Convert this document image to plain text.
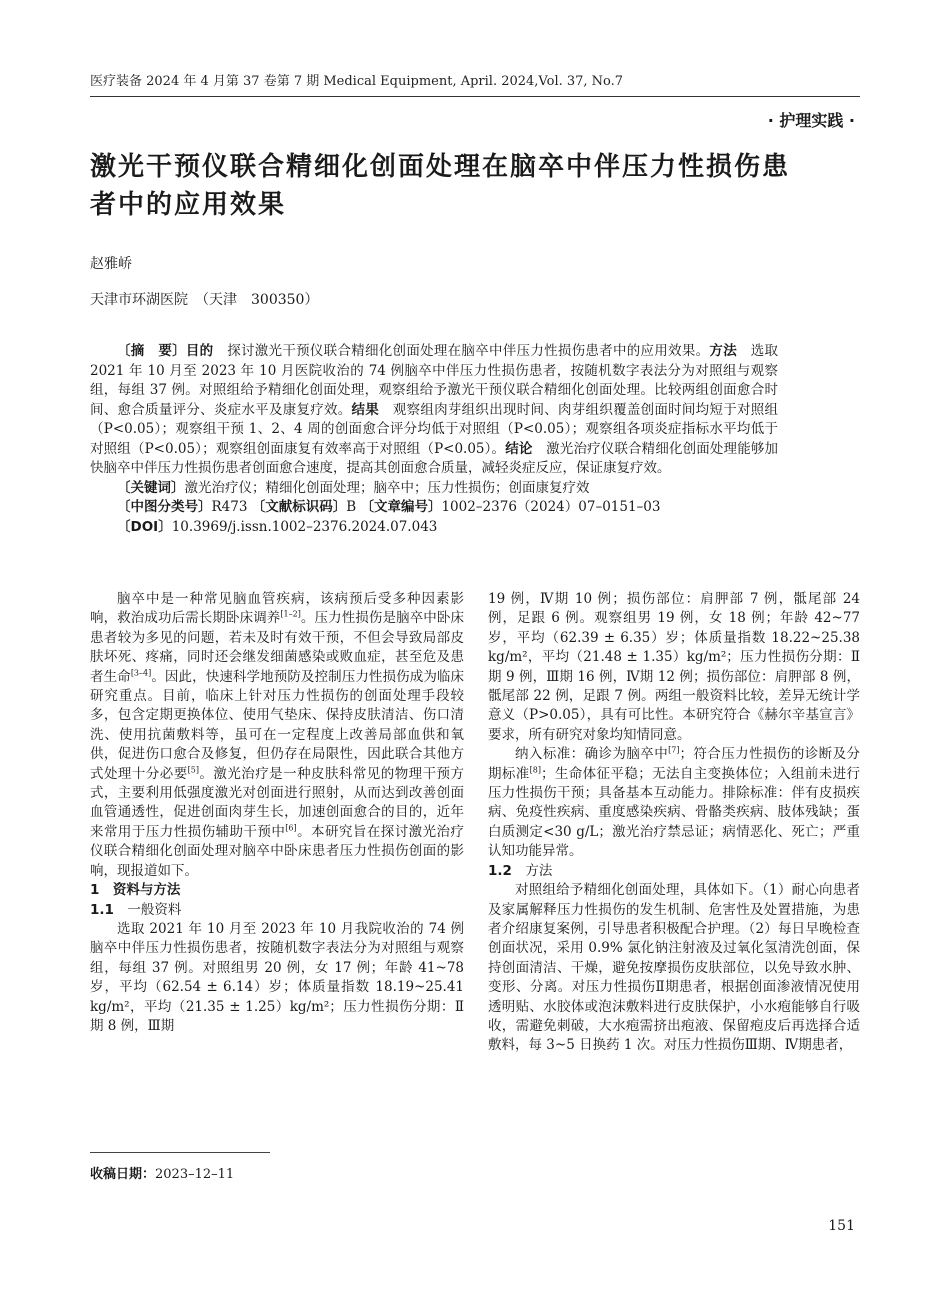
医疗装备 2024 年 4 月第 37 卷第 7 期 Medical Equipment, April. 2024,Vol. 37, No.7
· 护理实践 ·
激光干预仪联合精细化创面处理在脑卒中伴压力性损伤患者中的应用效果
赵雅峤
天津市环湖医院　（天津　300350）

〔摘　要〕目的　探讨激光干预仪联合精细化创面处理在脑卒中伴压力性损伤患者中的应用效果。方法　选取 2021 年 10 月至 2023 年 10 月医院收治的 74 例脑卒中伴压力性损伤患者，按随机数字表法分为对照组与观察组，每组 37 例。对照组给予精细化创面处理，观察组给予激光干预仪联合精细化创面处理。比较两组创面愈合时间、愈合质量评分、炎症水平及康复疗效。结果　观察组肉芽组织出现时间、肉芽组织覆盖创面时间均短于对照组（P<0.05）；观察组干预 1、2、4 周的创面愈合评分均低于对照组（P<0.05）；观察组各项炎症指标水平均低于对照组（P<0.05）；观察组创面康复有效率高于对照组（P<0.05）。结论　激光治疗仪联合精细化创面处理能够加快脑卒中伴压力性损伤患者创面愈合速度，提高其创面愈合质量，减轻炎症反应，保证康复疗效。

〔关键词〕激光治疗仪；精细化创面处理；脑卒中；压力性损伤；创面康复疗效
〔中图分类号〕R473 〔文献标识码〕B 〔文章编号〕1002–2376（2024）07–0151–03
〔DOI〕10.3969/j.issn.1002–2376.2024.07.043

脑卒中是一种常见脑血管疾病，该病预后受多种因素影响，救治成功后需长期卧床调养[1–2]。压力性损伤是脑卒中卧床患者较为多见的问题，若未及时有效干预，不但会导致局部皮肤坏死、疼痛，同时还会继发细菌感染或败血症，甚至危及患者生命[3–4]。因此，快速科学地预防及控制压力性损伤成为临床研究重点。目前，临床上针对压力性损伤的创面处理手段较多，包含定期更换体位、使用气垫床、保持皮肤清洁、伤口清洗、使用抗菌敷料等，虽可在一定程度上改善局部血供和氧供，促进伤口愈合及修复，但仍存在局限性，因此联合其他方式处理十分必要[5]。激光治疗是一种皮肤科常见的物理干预方式，主要利用低强度激光对创面进行照射，从而达到改善创面血管通透性，促进创面肉芽生长，加速创面愈合的目的，近年来常用于压力性损伤辅助干预中[6]。本研究旨在探讨激光治疗仪联合精细化创面处理对脑卒中卧床患者压力性损伤创面的影响，现报道如下。

1　资料与方法

1.1 一般资料

选取 2021 年 10 月至 2023 年 10 月我院收治的 74 例脑卒中伴压力性损伤患者，按随机数字表法分为对照组与观察组，每组 37 例。对照组男 20 例，女 17 例；年龄 41~78 岁，平均（62.54 ± 6.14）岁；体质量指数 18.19~25.41 kg/m²，平均（21.35 ± 1.25）kg/m²；压力性损伤分期：Ⅱ期 8 例，Ⅲ期

19 例，Ⅳ期 10 例；损伤部位：肩胛部 7 例，骶尾部 24 例，足跟 6 例。观察组男 19 例，女 18 例；年龄 42~77 岁，平均（62.39 ± 6.35）岁；体质量指数 18.22~25.38 kg/m²，平均（21.48 ± 1.35）kg/m²；压力性损伤分期：Ⅱ期 9 例，Ⅲ期 16 例，Ⅳ期 12 例；损伤部位：肩胛部 8 例，骶尾部 22 例，足跟 7 例。两组一般资料比较，差异无统计学意义（P>0.05），具有可比性。本研究符合《赫尔辛基宣言》要求，所有研究对象均知情同意。

纳入标准：确诊为脑卒中[7]；符合压力性损伤的诊断及分期标准[8]；生命体征平稳；无法自主变换体位；入组前未进行压力性损伤干预；具备基本互动能力。排除标准：伴有皮损疾病、免疫性疾病、重度感染疾病、骨骼类疾病、肢体残缺；蛋白质测定<30 g/L；激光治疗禁忌证；病情恶化、死亡；严重认知功能异常。

1.2 方法

对照组给予精细化创面处理，具体如下。（1）耐心向患者及家属解释压力性损伤的发生机制、危害性及处置措施，为患者介绍康复案例，引导患者积极配合护理。（2）每日早晚检查创面状况，采用 0.9% 氯化钠注射液及过氧化氢清洗创面，保持创面清洁、干燥，避免按摩损伤皮肤部位，以免导致水肿、变形、分离。对压力性损伤Ⅱ期患者，根据创面渗液情况使用透明贴、水胶体或泡沫敷料进行皮肤保护，小水疱能够自行吸收，需避免刺破，大水疱需挤出疱液、保留疱皮后再选择合适敷料，每 3~5 日换药 1 次。对压力性损伤Ⅲ期、Ⅳ期患者，

收稿日期：2023–12–11
151
